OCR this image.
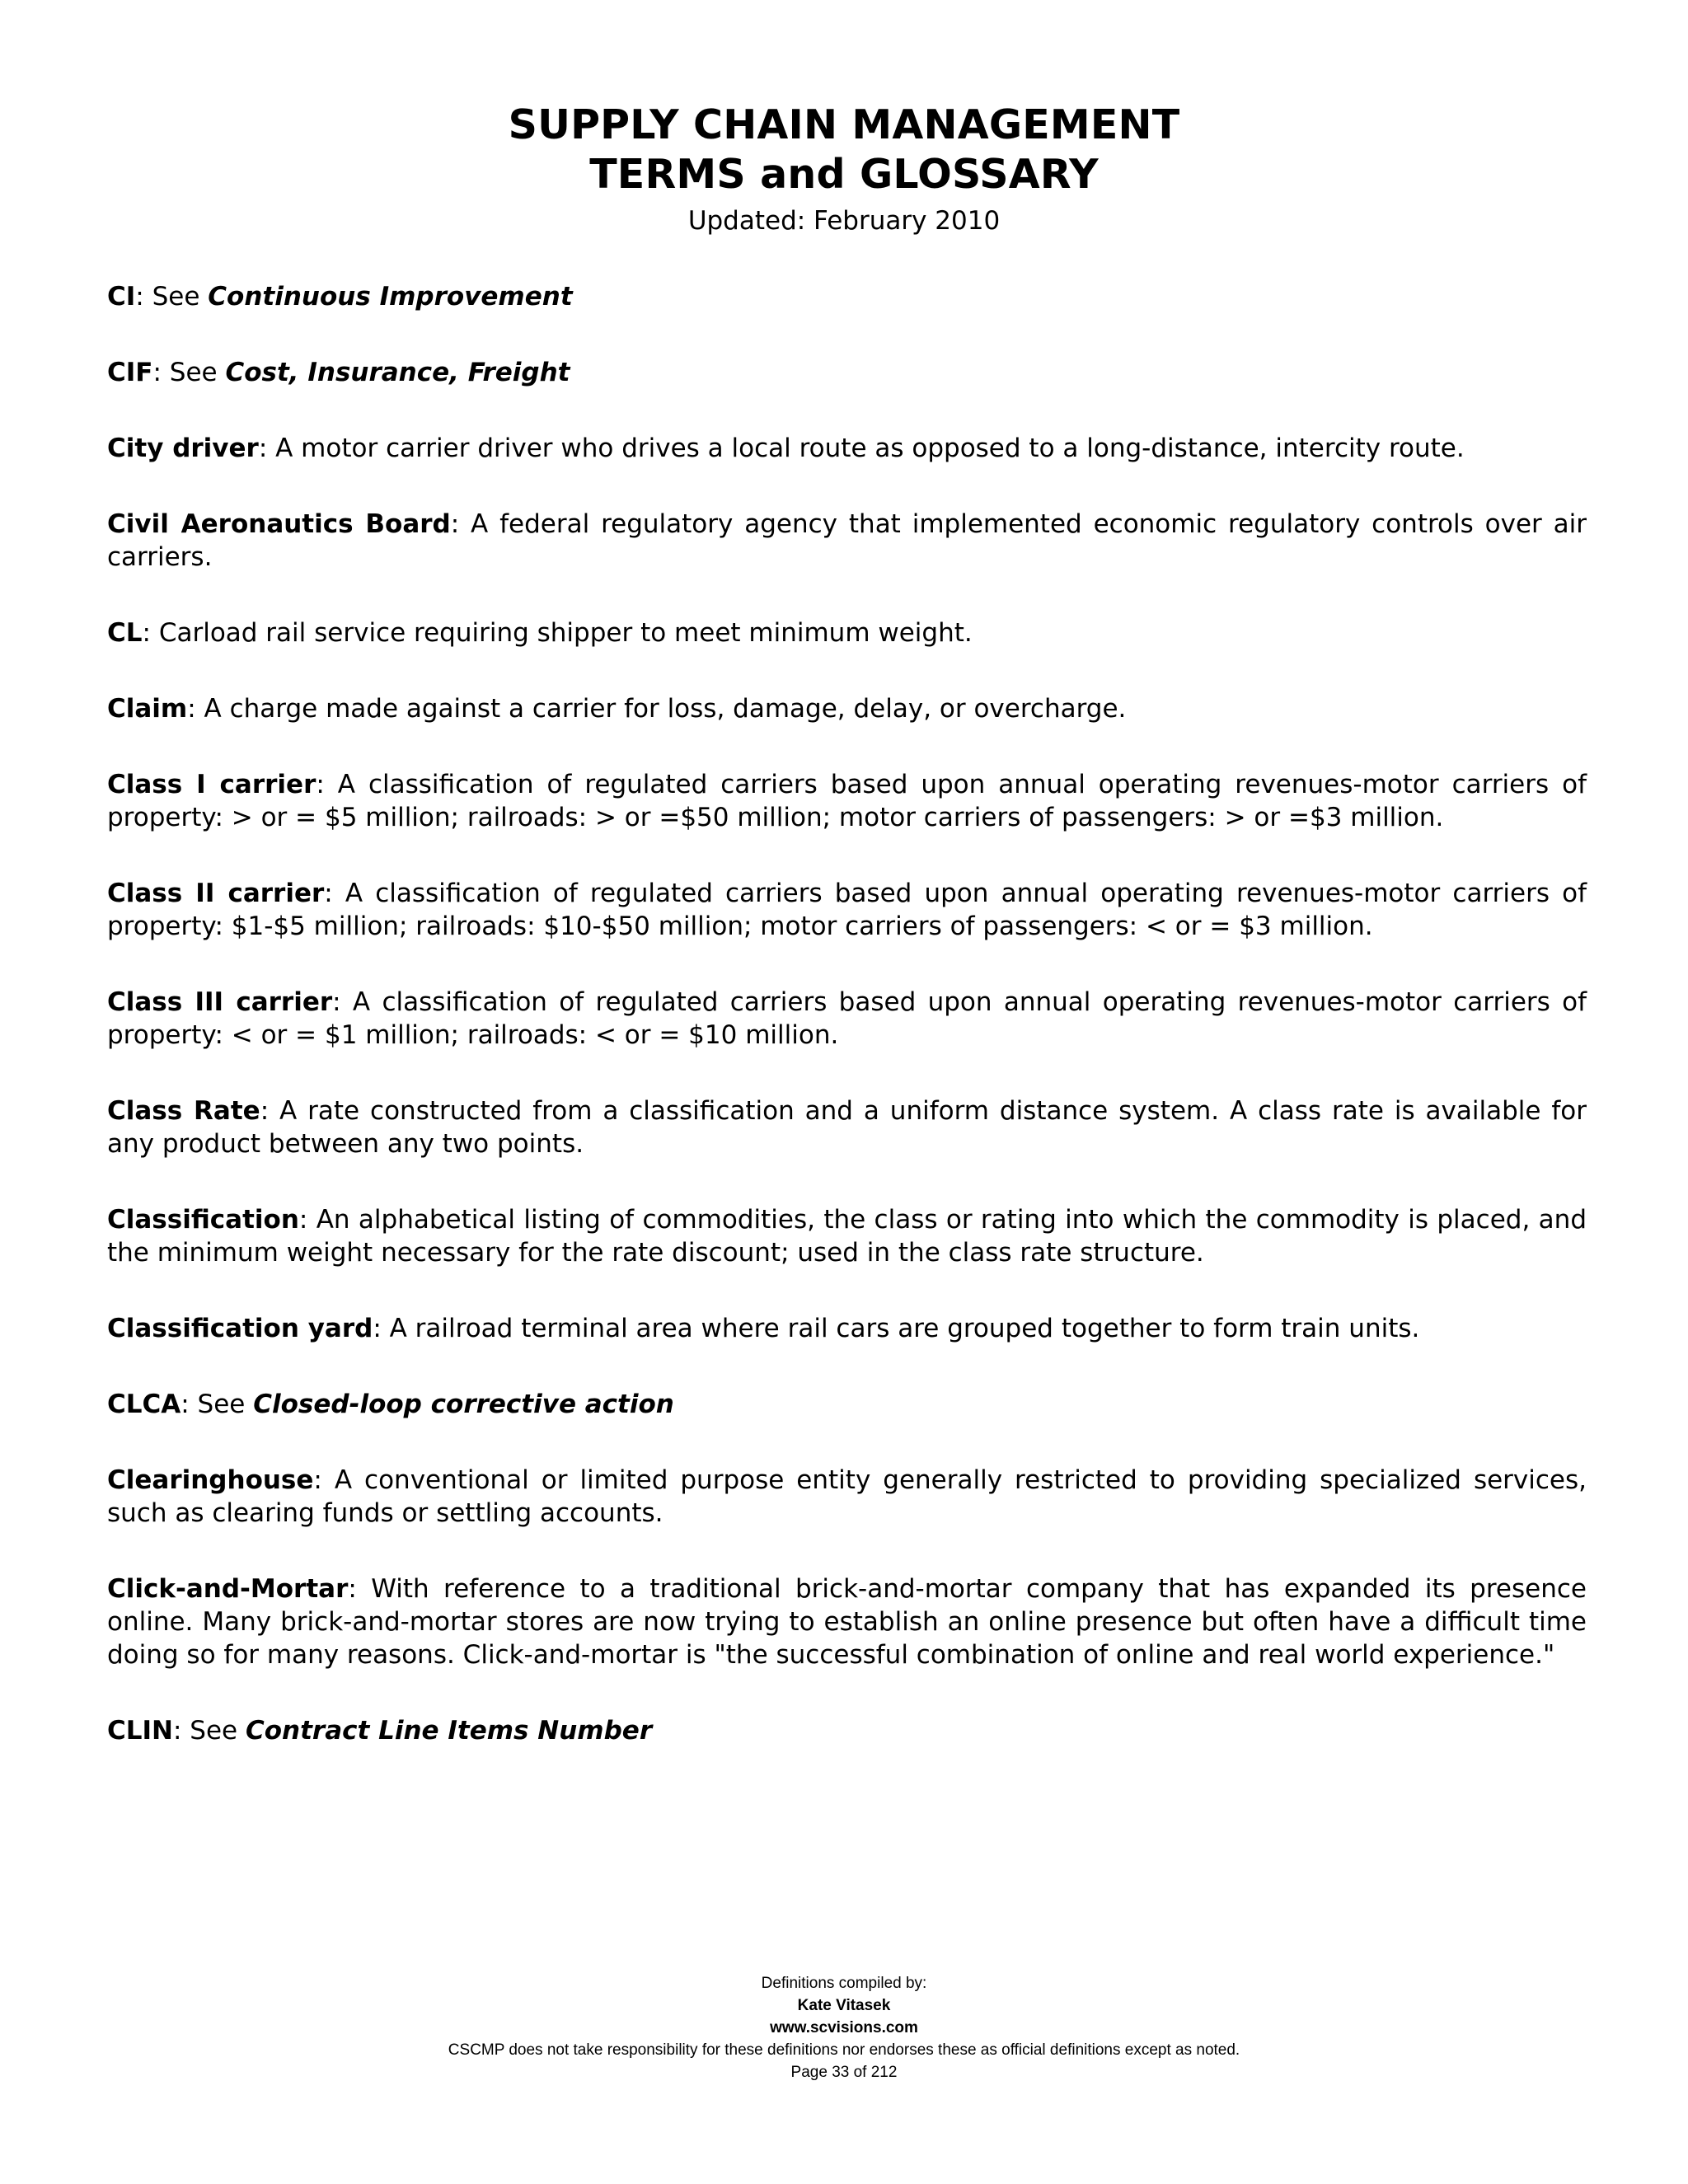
SUPPLY CHAIN MANAGEMENT
TERMS and GLOSSARY
Updated: February 2010

CI: See Continuous Improvement

CIF: See Cost, Insurance, Freight

City driver: A motor carrier driver who drives a local route as opposed to a long-distance, intercity route.

Civil Aeronautics Board: A federal regulatory agency that implemented economic regulatory controls over air carriers.

CL: Carload rail service requiring shipper to meet minimum weight.

Claim: A charge made against a carrier for loss, damage, delay, or overcharge.

Class I carrier: A classification of regulated carriers based upon annual operating revenues-motor carriers of property: > or = $5 million; railroads: > or =$50 million; motor carriers of passengers: > or =$3 million.

Class II carrier: A classification of regulated carriers based upon annual operating revenues-motor carriers of property: $1-$5 million; railroads: $10-$50 million; motor carriers of passengers: < or = $3 million.

Class III carrier: A classification of regulated carriers based upon annual operating revenues-motor carriers of property: < or = $1 million; railroads: < or = $10 million.

Class Rate: A rate constructed from a classification and a uniform distance system. A class rate is available for any product between any two points.

Classification: An alphabetical listing of commodities, the class or rating into which the commodity is placed, and the minimum weight necessary for the rate discount; used in the class rate structure.

Classification yard: A railroad terminal area where rail cars are grouped together to form train units.

CLCA: See Closed-loop corrective action

Clearinghouse: A conventional or limited purpose entity generally restricted to providing specialized services, such as clearing funds or settling accounts.

Click-and-Mortar: With reference to a traditional brick-and-mortar company that has expanded its presence online. Many brick-and-mortar stores are now trying to establish an online presence but often have a difficult time doing so for many reasons. Click-and-mortar is "the successful combination of online and real world experience."

CLIN: See Contract Line Items Number

Definitions compiled by:
Kate Vitasek
www.scvisions.com
CSCMP does not take responsibility for these definitions nor endorses these as official definitions except as noted.
Page 33 of 212
